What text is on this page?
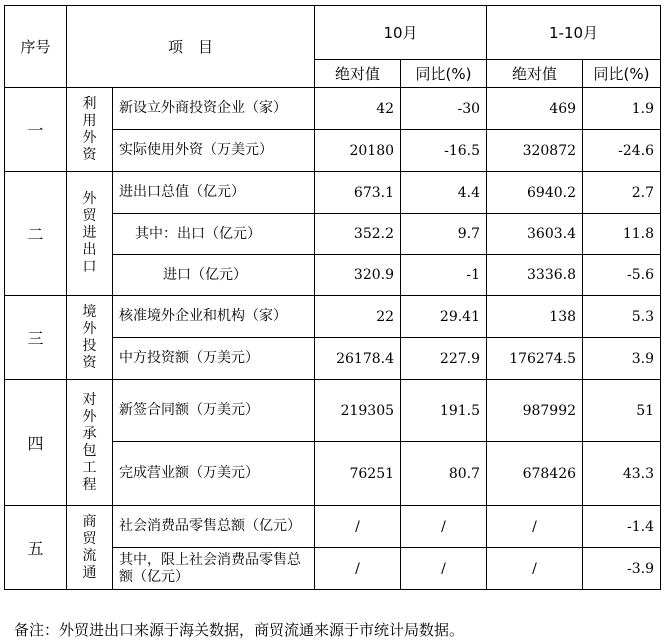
序号	项　目		10月		1-10月	
			绝对值	同比(%)	绝对值	同比(%)
一	利用外资	新设立外商投资企业（家）	42	-30	469	1.9
		实际使用外资（万美元）	20180	-16.5	320872	-24.6
二	外贸进出口	进出口总值（亿元）	673.1	4.4	6940.2	2.7
		其中：出口（亿元）	352.2	9.7	3603.4	11.8
		进口（亿元）	320.9	-1	3336.8	-5.6
三	境外投资	核准境外企业和机构（家）	22	29.41	138	5.3
		中方投资额（万美元）	26178.4	227.9	176274.5	3.9
四	对外承包工程	新签合同额（万美元）	219305	191.5	987992	51
		完成营业额（万美元）	76251	80.7	678426	43.3
五	商贸流通	社会消费品零售总额（亿元）	/	/	/	-1.4
		其中，限上社会消费品零售总额（亿元）	/	/	/	-3.9
备注：外贸进出口来源于海关数据，商贸流通来源于市统计局数据。
